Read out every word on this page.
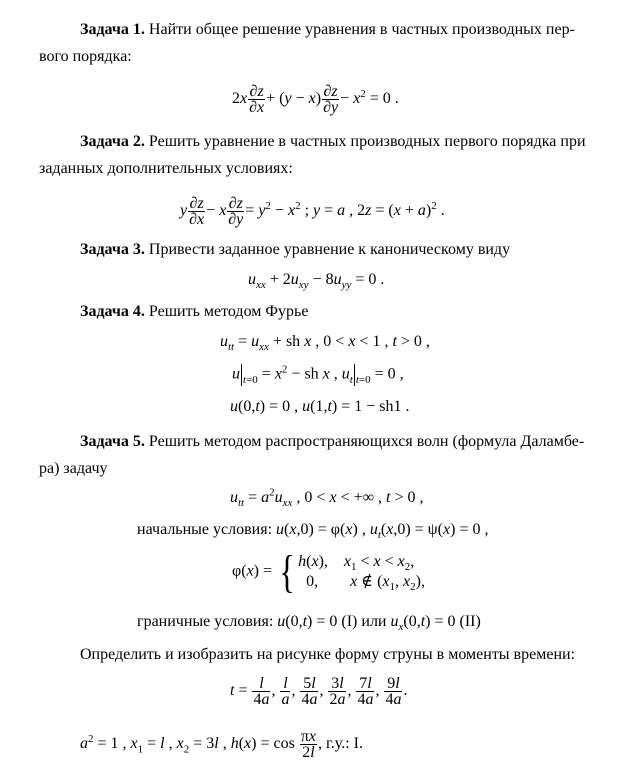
Задача 1. Найти общее решение уравнения в частных производных пер-
вого порядка:
$2x \frac{\partial z}{\partial x} + (y - x) \frac{\partial z}{\partial y} - x^2 = 0$ .
Задача 2. Решить уравнение в частных производных первого порядка при
заданных дополнительных условиях:
y $\frac{\partial z}{\partial x} - x \frac{\partial z}{\partial y} = y^2 - x^2$ ; y = a , $2z = (x + a)^2$ .
Задача 3. Привести заданное уравнение к каноническому виду
$u_{xx} + 2u_{xy} - 8u_{yy} = 0$ .
Задача 4. Решить методом Фурье
$u_{tt} = u_{xx}$ + sh x , 0 < x < 1 , t > 0 ,
u $_{t=0} = x^2$ − sh x , $u_t$ $_{t=0}$ = 0 ,
u(0,t) = 0 , u(1,t) = 1 − sh1 .
Задача 5. Решить методом распространяющихся волн (формула Даламбе-
ра) задачу
$u_{tt} = a^2u_{xx}$ , 0 < x < +∞ , t > 0 ,
начальные условия: u(x,0) = φ(x) , $u_t(x,0) = \psi(x) = 0$ ,
φ(x) = { h(x),    $x_1 < x < x_2$,
0,        x ∉ ($x_1$, $x_2$),
граничные условия: u(0,t) = 0 (I) или $u_x(0,t) = 0$ (II)
Определить и изобразить на рисунке форму струны в моменты времени:
$t = \frac{l}{4a}$ , $\frac{l}{a}$ , $\frac{5l}{4a}$ , $\frac{3l}{2a}$ , $\frac{7l}{4a}$ , $\frac{9l}{4a}$ .
$a^2 = 1$ , $x_1 = l$ , $x_2 = 3l$ , $h(x) = \cos \frac{\pi x}{2l}$ , г.у.: I.
